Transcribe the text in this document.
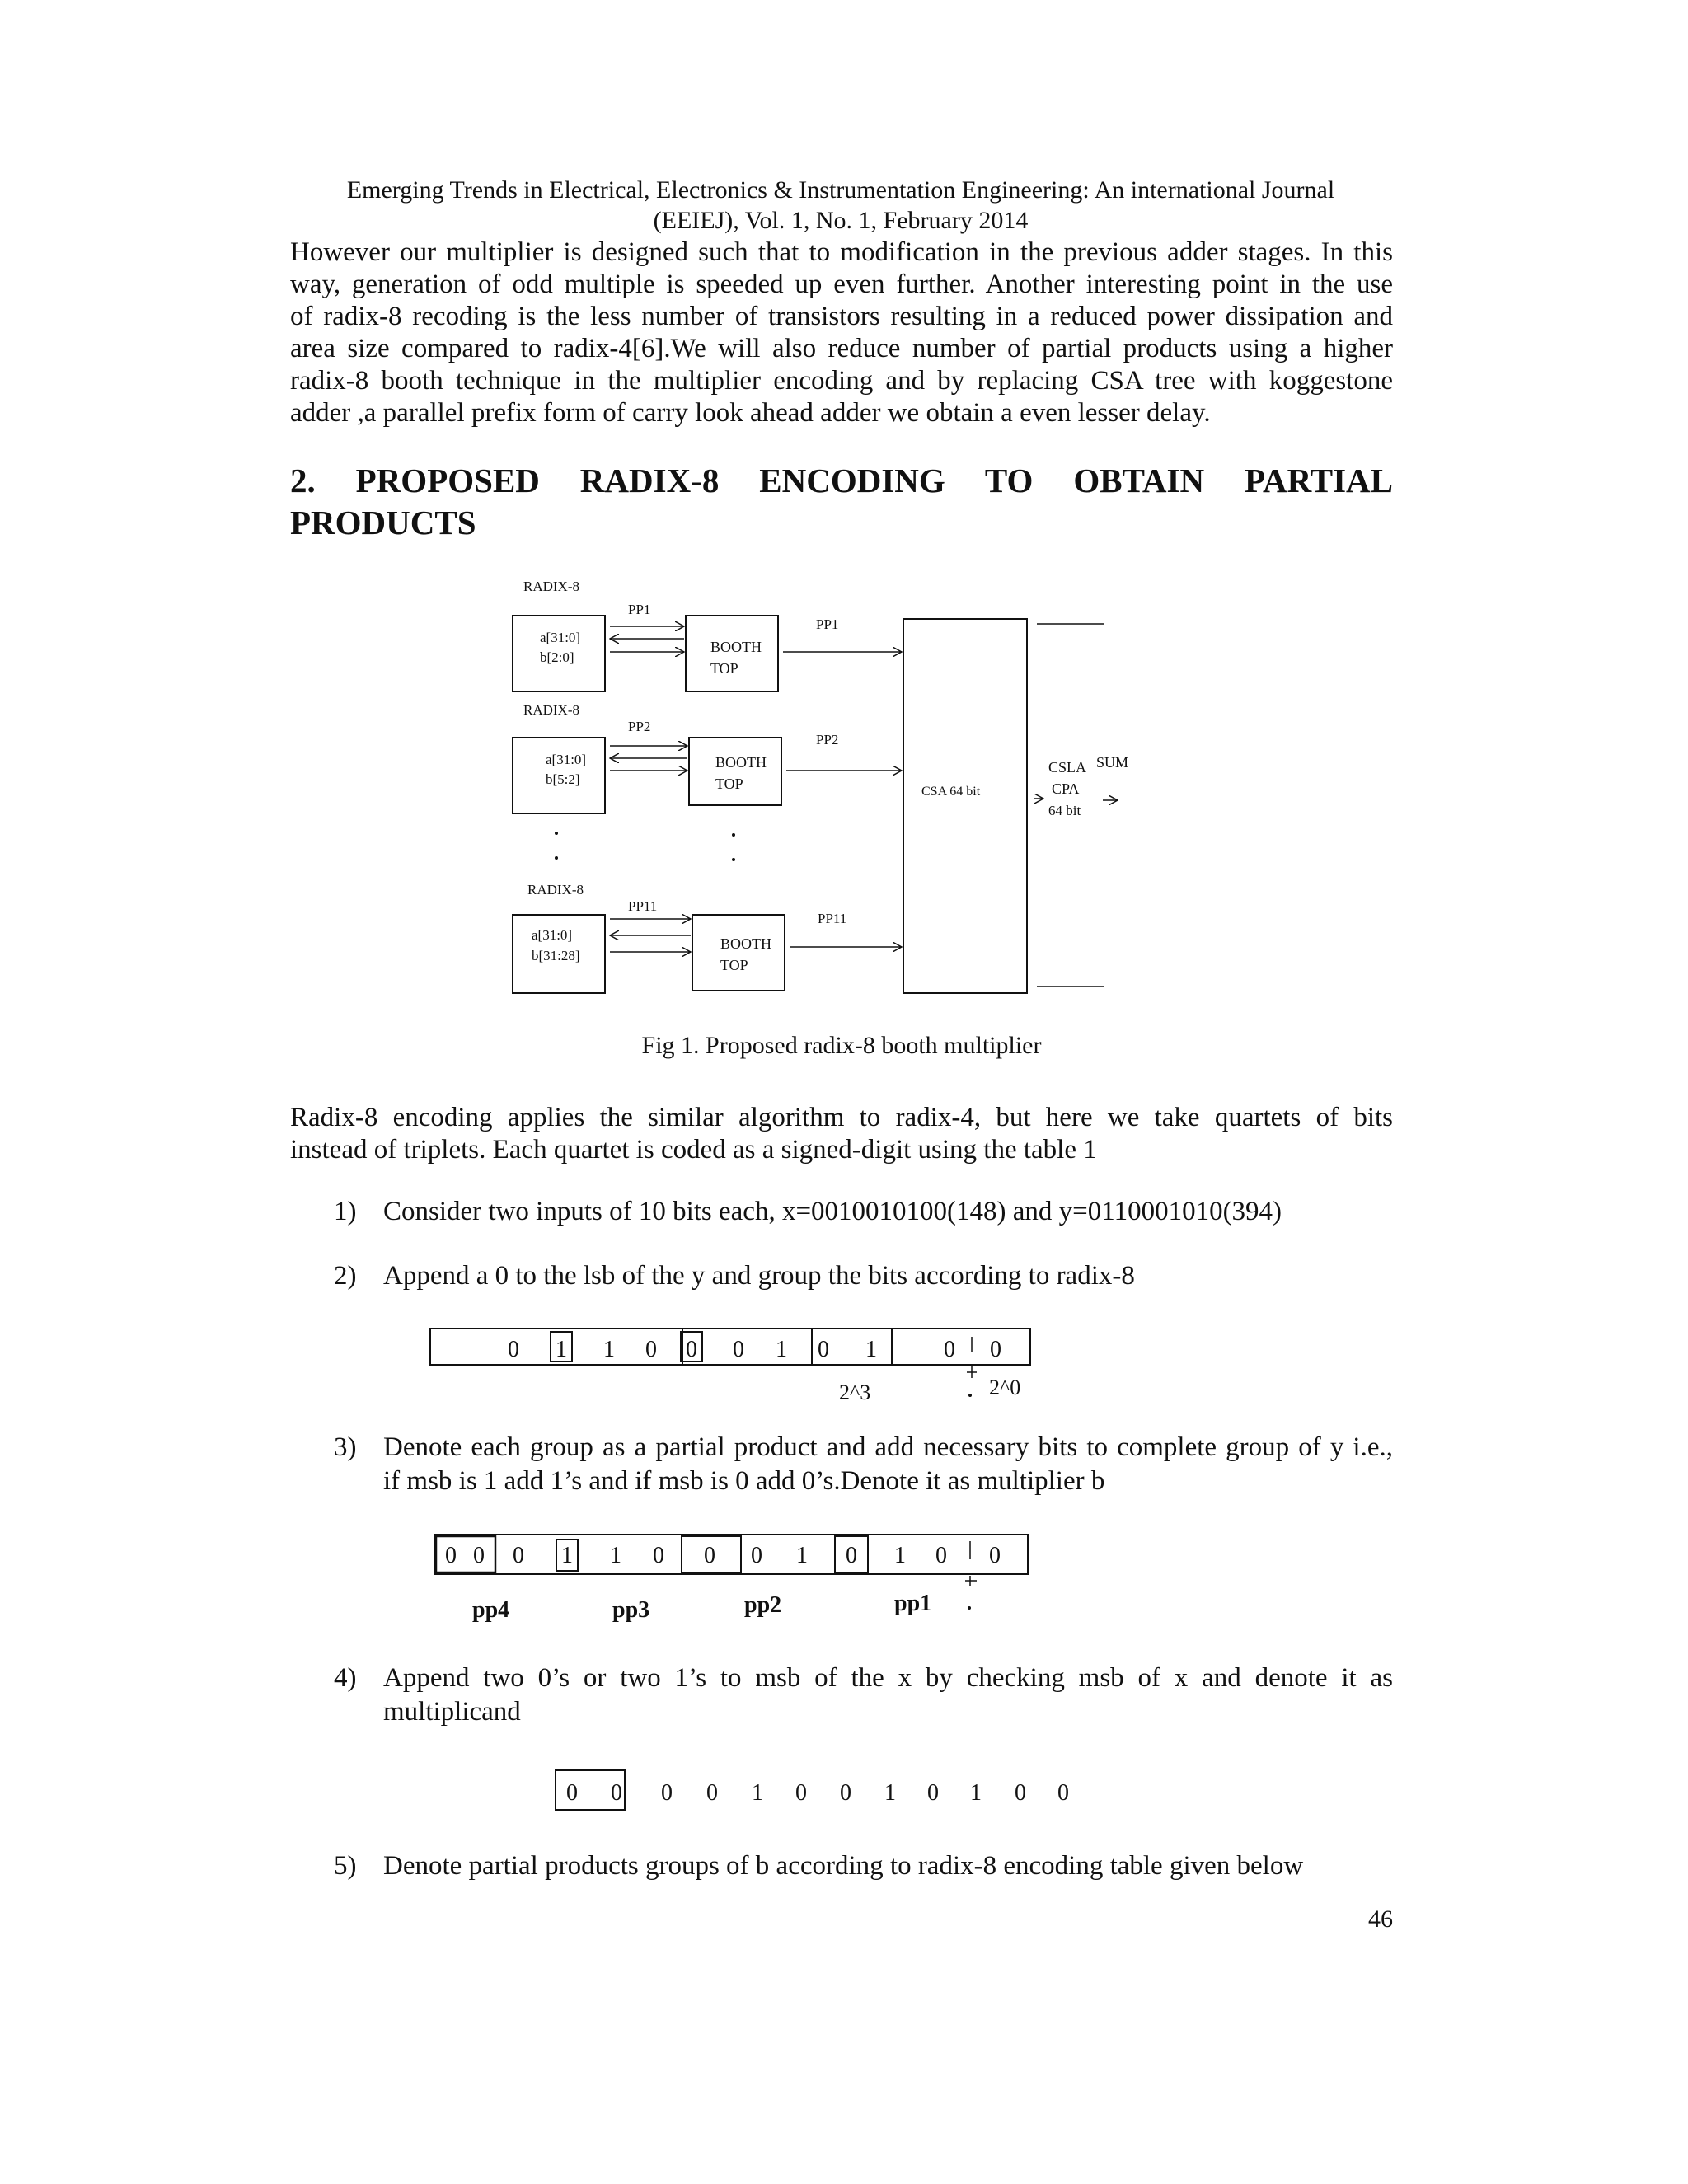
Emerging Trends in Electrical, Electronics & Instrumentation Engineering: An international Journal
(EEIEJ), Vol. 1, No. 1, February 2014

However our multiplier is designed such that to modification in the previous adder stages. In this
way, generation of odd multiple is speeded up even further. Another interesting point in the use
of radix-8 recoding is the less number of transistors resulting in a reduced power dissipation and
area size compared to radix-4[6].We will also reduce number of partial products using a higher
radix-8 booth technique in the multiplier encoding and by replacing CSA tree with koggestone
adder ,a parallel prefix form of carry look ahead adder we obtain a even lesser delay.

2. PROPOSED RADIX-8 ENCODING TO OBTAIN PARTIAL
PRODUCTS
RADIX-8
a[31:0]
b[2:0]
PP1
BOOTH
TOP
PP1
RADIX-8
a[31:0]
b[5:2]
PP2
BOOTH
TOP
PP2
RADIX-8
a[31:0]
b[31:28]
PP11
BOOTH
TOP
PP11
CSA 64 bit
CSLA
CPA
64 bit
SUM
Fig 1. Proposed radix-8 booth multiplier

Radix-8 encoding applies the similar algorithm to radix-4, but here we take quartets of bits
instead of triplets. Each quartet is coded as a signed-digit using the table 1

1) Consider two inputs of 10 bits each, x=0010010100(148) and y=0110001010(394)
2) Append a 0 to the lsb of the y and group the bits according to radix-8
0 1 1 0 0 0 1 0 1	0 0
2^3	2^0
3) Denote each group as a partial product and add necessary bits to complete group of y i.e.,
if msb is 1 add 1’s and if msb is 0 add 0’s.Denote it as multiplier b
0 0 0 1 1 0 0 0 1 0 1 0 0
pp4	pp3	pp2	pp1
4) Append two 0’s or two 1’s to msb of the x by checking msb of x and denote it as
multiplicand
0 0 0 0 1 0 0 1 0 1 0 0
5) Denote partial products groups of b according to radix-8 encoding table given below
46
